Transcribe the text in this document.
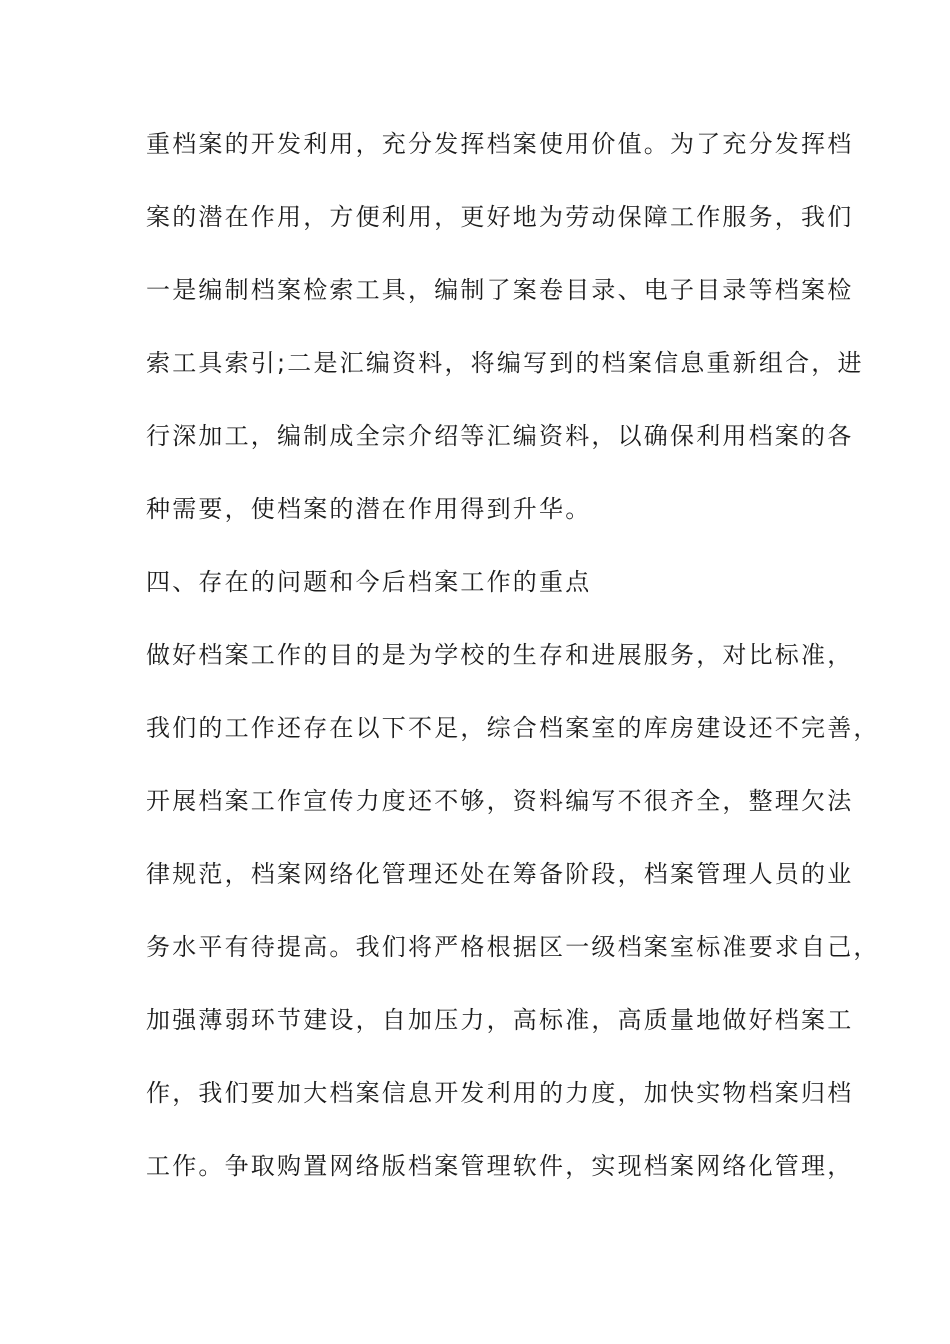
重档案的开发利用，充分发挥档案使用价值。为了充分发挥档
案的潜在作用，方便利用，更好地为劳动保障工作服务，我们
一是编制档案检索工具，编制了案卷目录、电子目录等档案检
索工具索引;二是汇编资料，将编写到的档案信息重新组合，进
行深加工，编制成全宗介绍等汇编资料，以确保利用档案的各
种需要，使档案的潜在作用得到升华。
四、存在的问题和今后档案工作的重点
做好档案工作的目的是为学校的生存和进展服务，对比标准，
我们的工作还存在以下不足，综合档案室的库房建设还不完善，
开展档案工作宣传力度还不够，资料编写不很齐全，整理欠法
律规范，档案网络化管理还处在筹备阶段，档案管理人员的业
务水平有待提高。我们将严格根据区一级档案室标准要求自己，
加强薄弱环节建设，自加压力，高标准，高质量地做好档案工
作，我们要加大档案信息开发利用的力度，加快实物档案归档
工作。争取购置网络版档案管理软件，实现档案网络化管理，
